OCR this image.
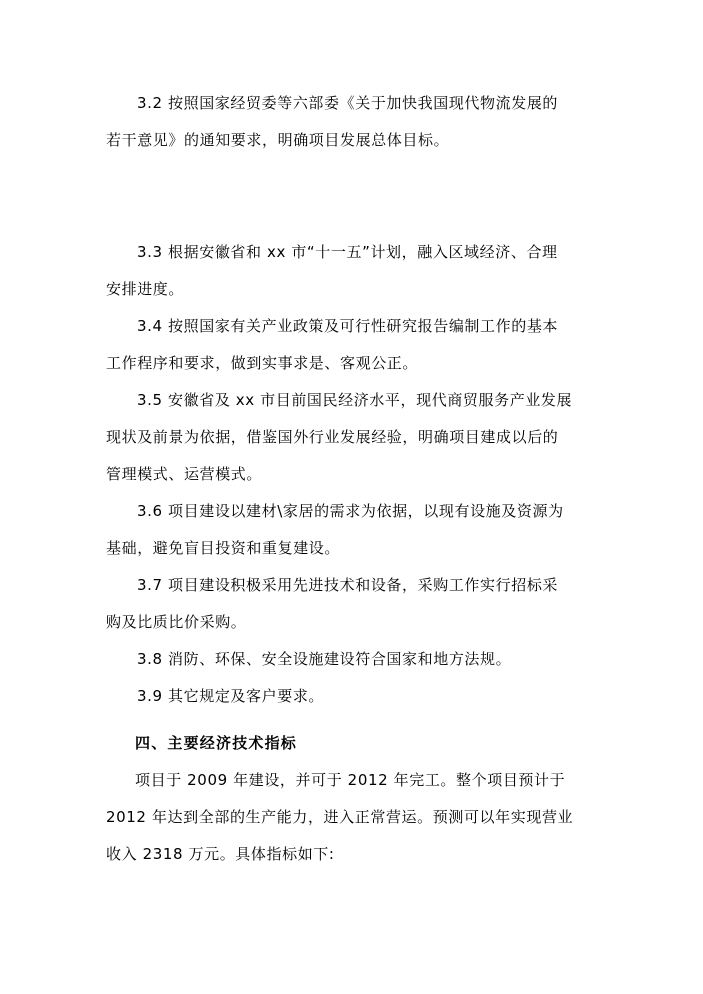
3.2 按照国家经贸委等六部委《关于加快我国现代物流发展的
若干意见》的通知要求，明确项目发展总体目标。
3.3 根据安徽省和 xx 市“十一五”计划，融入区域经济、合理
安排进度。
3.4 按照国家有关产业政策及可行性研究报告编制工作的基本
工作程序和要求，做到实事求是、客观公正。
3.5 安徽省及 xx 市目前国民经济水平，现代商贸服务产业发展
现状及前景为依据，借鉴国外行业发展经验，明确项目建成以后的
管理模式、运营模式。
3.6 项目建设以建材\家居的需求为依据，以现有设施及资源为
基础，避免盲目投资和重复建设。
3.7 项目建设积极采用先进技术和设备，采购工作实行招标采
购及比质比价采购。
3.8 消防、环保、安全设施建设符合国家和地方法规。
3.9 其它规定及客户要求。
四、主要经济技术指标
项目于 2009 年建设，并可于 2012 年完工。整个项目预计于
2012 年达到全部的生产能力，进入正常营运。预测可以年实现营业
收入 2318 万元。具体指标如下:
